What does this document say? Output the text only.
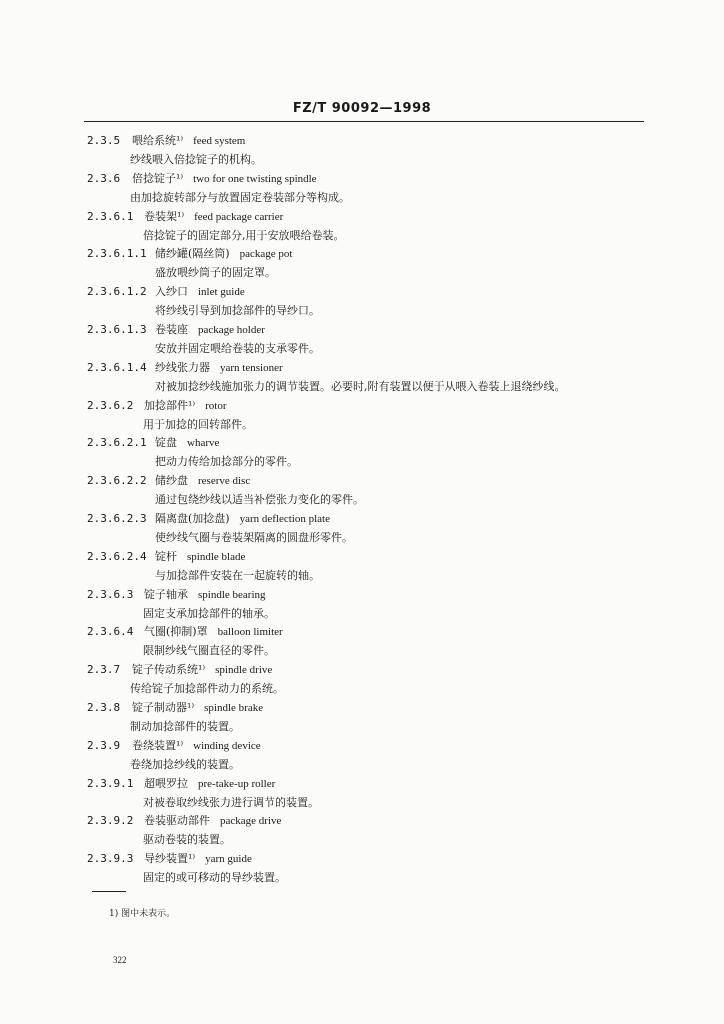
FZ/T 90092—1998
2.3.5 喂给系统¹⁾ feed system
纱线喂入倍捻锭子的机构。
2.3.6 倍捻锭子¹⁾ two for one twisting spindle
由加捻旋转部分与放置固定卷装部分等构成。
2.3.6.1 卷装架¹⁾ feed package carrier
倍捻锭子的固定部分,用于安放喂给卷装。
2.3.6.1.1 储纱罐(隔丝筒) package pot
盛放喂纱筒子的固定罩。
2.3.6.1.2 入纱口 inlet guide
将纱线引导到加捻部件的导纱口。
2.3.6.1.3 卷装座 package holder
安放并固定喂给卷装的支承零件。
2.3.6.1.4 纱线张力器 yarn tensioner
对被加捻纱线施加张力的调节装置。必要时,附有装置以便于从喂入卷装上退绕纱线。
2.3.6.2 加捻部件¹⁾ rotor
用于加捻的回转部件。
2.3.6.2.1 锭盘 wharve
把动力传给加捻部分的零件。
2.3.6.2.2 储纱盘 reserve disc
通过包绕纱线以适当补偿张力变化的零件。
2.3.6.2.3 隔离盘(加捻盘) yarn deflection plate
使纱线气圈与卷装架隔离的圆盘形零件。
2.3.6.2.4 锭杆 spindle blade
与加捻部件安装在一起旋转的轴。
2.3.6.3 锭子轴承 spindle bearing
固定支承加捻部件的轴承。
2.3.6.4 气圈(抑制)罩 balloon limiter
限制纱线气圈直径的零件。
2.3.7 锭子传动系统¹⁾ spindle drive
传给锭子加捻部件动力的系统。
2.3.8 锭子制动器¹⁾ spindle brake
制动加捻部件的装置。
2.3.9 卷绕装置¹⁾ winding device
卷绕加捻纱线的装置。
2.3.9.1 超喂罗拉 pre-take-up roller
对被卷取纱线张力进行调节的装置。
2.3.9.2 卷装驱动部件 package drive
驱动卷装的装置。
2.3.9.3 导纱装置¹⁾ yarn guide
固定的或可移动的导纱装置。
1) 图中未表示。
322
